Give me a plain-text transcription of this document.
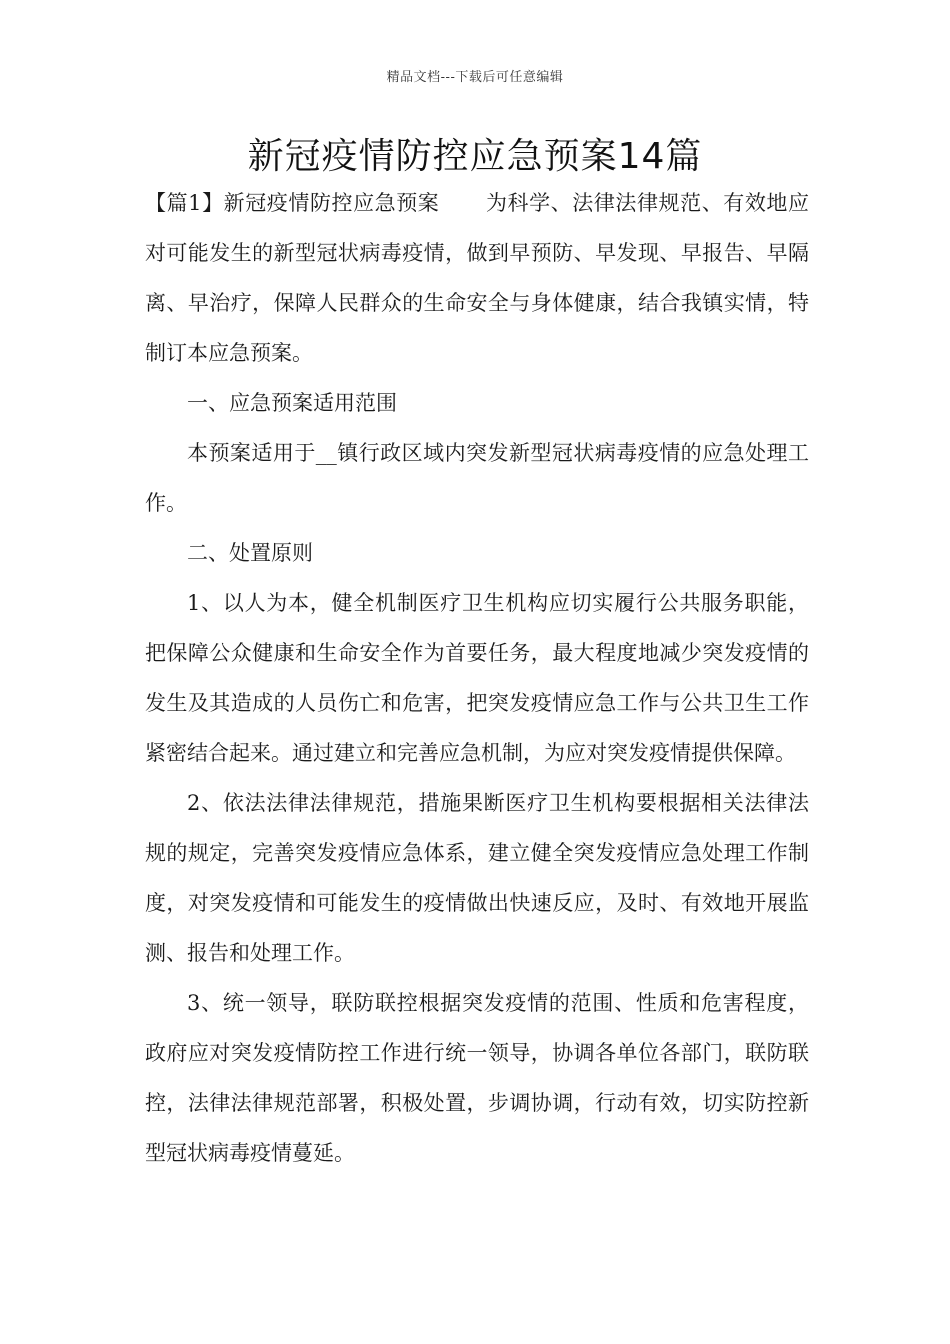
精品文档---下载后可任意编辑
新冠疫情防控应急预案14篇

【篇1】新冠疫情防控应急预案 为科学、法律法律规范、有效地应对可能发生的新型冠状病毒疫情，做到早预防、早发现、早报告、早隔离、早治疗，保障人民群众的生命安全与身体健康，结合我镇实情，特制订本应急预案。

一、应急预案适用范围

本预案适用于__镇行政区域内突发新型冠状病毒疫情的应急处理工作。

二、处置原则

1、以人为本，健全机制医疗卫生机构应切实履行公共服务职能，把保障公众健康和生命安全作为首要任务，最大程度地减少突发疫情的发生及其造成的人员伤亡和危害，把突发疫情应急工作与公共卫生工作紧密结合起来。通过建立和完善应急机制，为应对突发疫情提供保障。

2、依法法律法律规范，措施果断医疗卫生机构要根据相关法律法规的规定，完善突发疫情应急体系，建立健全突发疫情应急处理工作制度，对突发疫情和可能发生的疫情做出快速反应，及时、有效地开展监测、报告和处理工作。

3、统一领导，联防联控根据突发疫情的范围、性质和危害程度，政府应对突发疫情防控工作进行统一领导，协调各单位各部门，联防联控，法律法律规范部署，积极处置，步调协调，行动有效，切实防控新型冠状病毒疫情蔓延。
